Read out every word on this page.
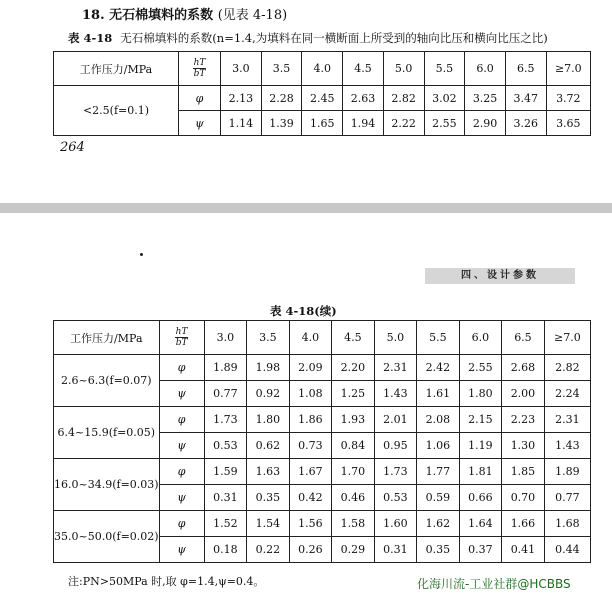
18. 无石棉填料的系数 (见表 4-18)
表 4-18 无石棉填料的系数(n=1.4,为填料在同一横断面上所受到的轴向比压和横向比压之比)
工作压力/MPa	$\frac{hT}{bT}$	3.0	3.5	4.0	4.5	5.0	5.5	6.0	6.5	≥7.0
<2.5(f=0.1)	φ	2.13	2.28	2.45	2.63	2.82	3.02	3.25	3.47	3.72
	ψ	1.14	1.39	1.65	1.94	2.22	2.55	2.90	3.26	3.65
264
四、设计参数
表 4-18(续)
工作压力/MPa	$\frac{hT}{bT}$	3.0	3.5	4.0	4.5	5.0	5.5	6.0	6.5	≥7.0
2.6~6.3(f=0.07)	φ	1.89	1.98	2.09	2.20	2.31	2.42	2.55	2.68	2.82
	ψ	0.77	0.92	1.08	1.25	1.43	1.61	1.80	2.00	2.24
6.4~15.9(f=0.05)	φ	1.73	1.80	1.86	1.93	2.01	2.08	2.15	2.23	2.31
	ψ	0.53	0.62	0.73	0.84	0.95	1.06	1.19	1.30	1.43
16.0~34.9(f=0.03)	φ	1.59	1.63	1.67	1.70	1.73	1.77	1.81	1.85	1.89
	ψ	0.31	0.35	0.42	0.46	0.53	0.59	0.66	0.70	0.77
35.0~50.0(f=0.02)	φ	1.52	1.54	1.56	1.58	1.60	1.62	1.64	1.66	1.68
	ψ	0.18	0.22	0.26	0.29	0.31	0.35	0.37	0.41	0.44
注:PN>50MPa 时,取 φ=1.4,ψ=0.4。	化海川流-工业社群@HCBBS
